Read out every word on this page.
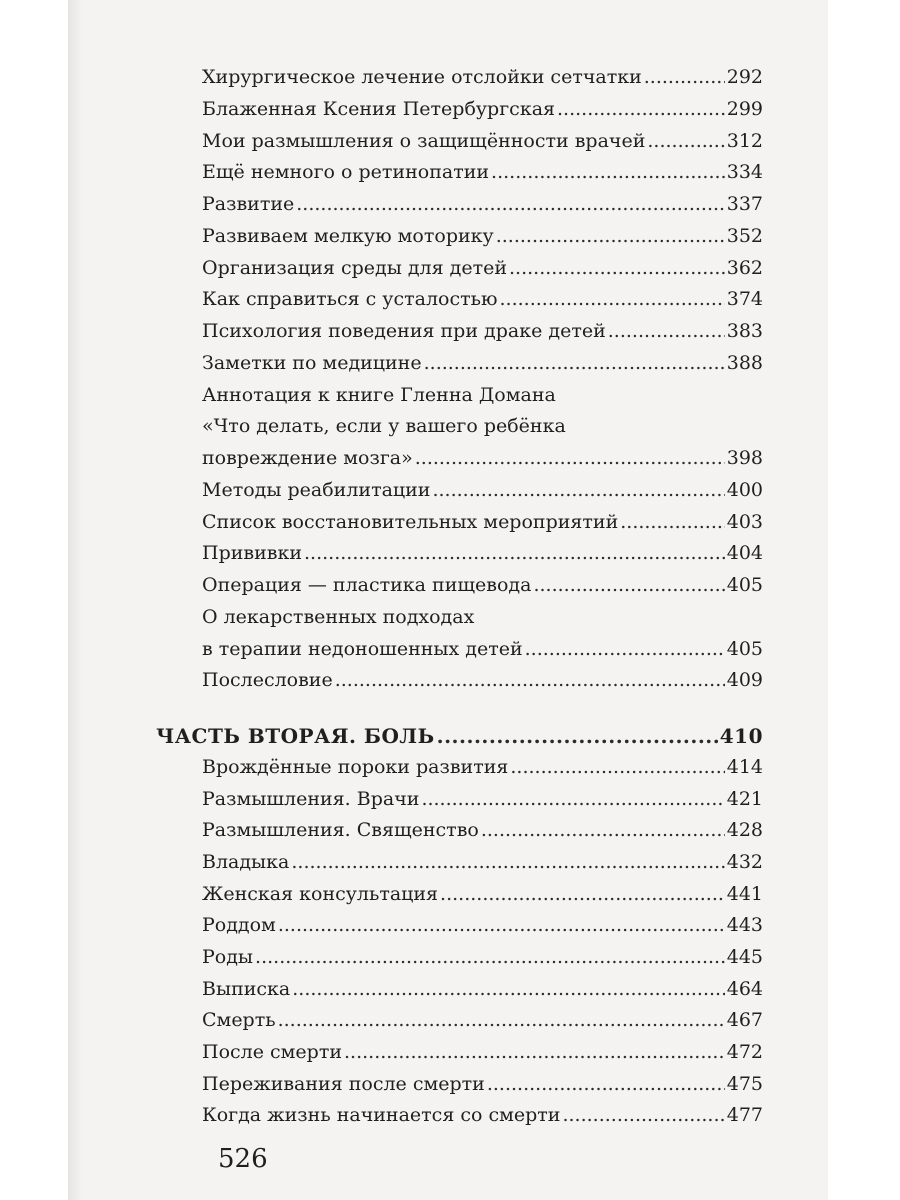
Хирургическое лечение отслойки сетчатки .....	292
Блаженная Ксения Петербургская .....	299
Мои размышления о защищённости врачей .....	312
Ещё немного о ретинопатии .....	334
Развитие .....	337
Развиваем мелкую моторику .....	352
Организация среды для детей .....	362
Как справиться с усталостью .....	374
Психология поведения при драке детей .....	383
Заметки по медицине .....	388
Аннотация к книге Гленна Домана
«Что делать, если у вашего ребёнка
повреждение мозга» .....	398
Методы реабилитации .....	400
Список восстановительных мероприятий .....	403
Прививки .....	404
Операция — пластика пищевода .....	405
О лекарственных подходах
в терапии недоношенных детей .....	405
Послесловие .....	409
ЧАСТЬ ВТОРАЯ. БОЛЬ .....	410
Врождённые пороки развития .....	414
Размышления. Врачи .....	421
Размышления. Священство .....	428
Владыка .....	432
Женская консультация .....	441
Роддом .....	443
Роды .....	445
Выписка .....	464
Смерть .....	467
После смерти .....	472
Переживания после смерти .....	475
Когда жизнь начинается со смерти .....	477
526
